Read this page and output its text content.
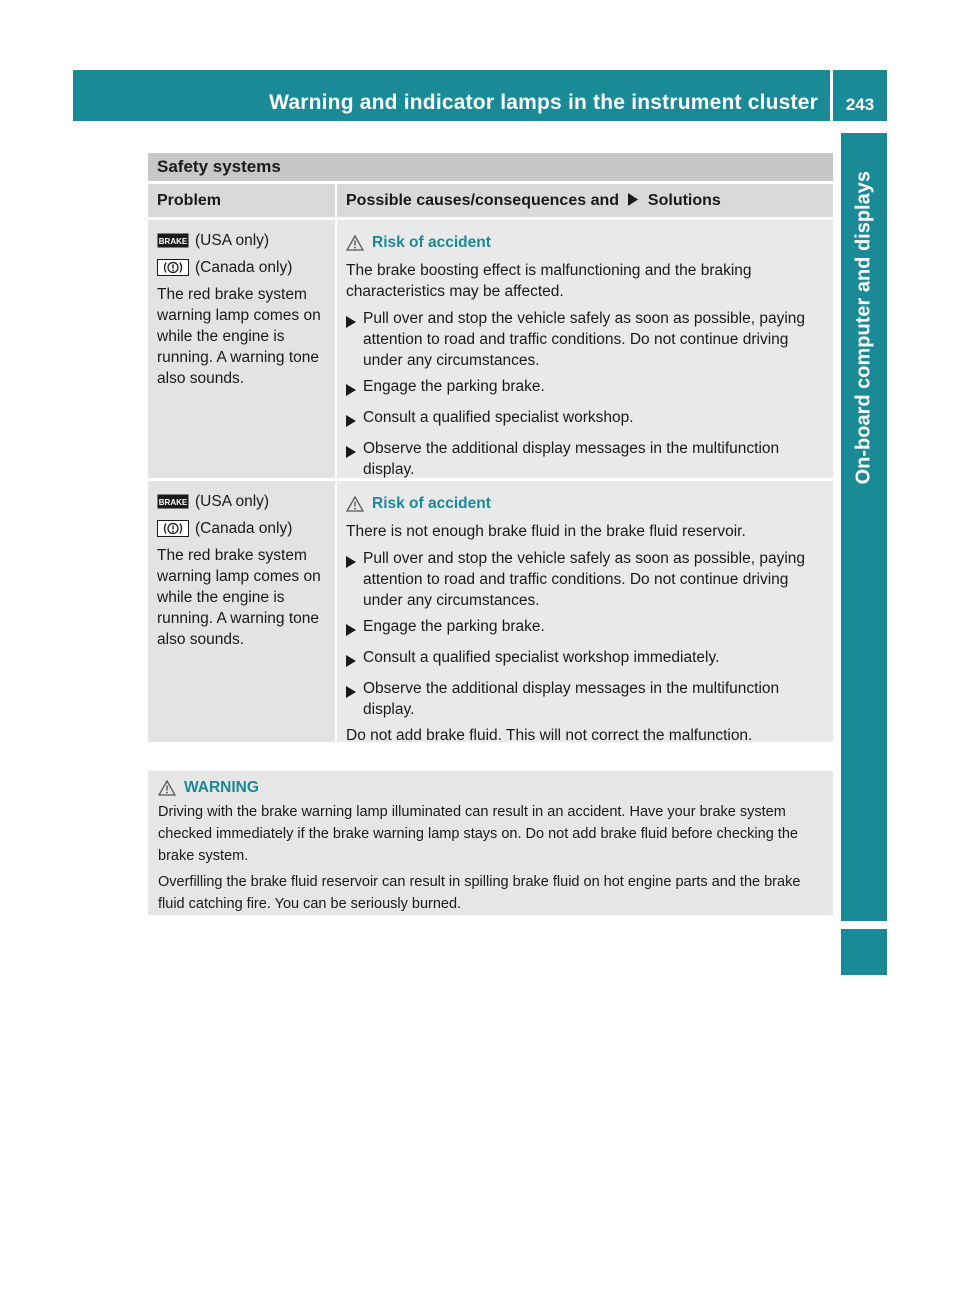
Warning and indicator lamps in the instrument cluster	243
On-board computer and displays
Safety systems
Problem	Possible causes/consequences and Solutions
BRAKE (USA only)
(Canada only)
The red brake system warning lamp comes on while the engine is running. A warning tone also sounds.
Risk of accident
The brake boosting effect is malfunctioning and the braking characteristics may be affected.
Pull over and stop the vehicle safely as soon as possible, paying attention to road and traffic conditions. Do not continue driving under any circumstances.
Engage the parking brake.
Consult a qualified specialist workshop.
Observe the additional display messages in the multifunction display.
BRAKE (USA only)
(Canada only)
The red brake system warning lamp comes on while the engine is running. A warning tone also sounds.
Risk of accident
There is not enough brake fluid in the brake fluid reservoir.
Pull over and stop the vehicle safely as soon as possible, paying attention to road and traffic conditions. Do not continue driving under any circumstances.
Engage the parking brake.
Consult a qualified specialist workshop immediately.
Observe the additional display messages in the multifunction display.
Do not add brake fluid. This will not correct the malfunction.
WARNING

Driving with the brake warning lamp illuminated can result in an accident. Have your brake system checked immediately if the brake warning lamp stays on. Do not add brake fluid before checking the brake system.

Overfilling the brake fluid reservoir can result in spilling brake fluid on hot engine parts and the brake fluid catching fire. You can be seriously burned.
